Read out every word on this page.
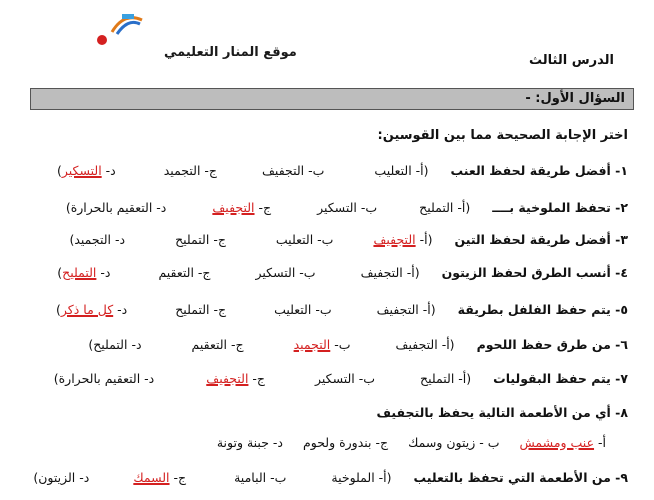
موقع المنار التعليمي
الدرس الثالث
السؤال الأول: -
اختر الإجابة الصحيحة مما بين القوسين:
١- أفضل طريقة لحفظ العنب(أ- التعليبب- التجفيفج- التجميدد- التسكير)
٢- تحفظ الملوخية بــــ(أ- التمليحب- التسكيرج- التجفيفد- التعقيم بالحرارة)
٣- أفضل طريقة لحفظ التين(أ- التجفيفب- التعليبج- التمليحد- التجميد)
٤- أنسب الطرق لحفظ الزيتون(أ- التجفيفب- التسكيرج- التعقيمد- التمليح)
٥- يتم حفظ الفلفل بطريقة(أ- التجفيفب- التعليبج- التمليحد- كل ما ذكر)
٦- من طرق حفظ اللحوم(أ- التجفيفب- التجميدج- التعقيمد- التمليح)
٧- يتم حفظ البقوليات(أ- التمليحب- التسكيرج- التجفيفد- التعقيم بالحرارة)
٨- أي من الأطعمة التالية يحفظ بالتجفيف
أ- عنب ومشمشب - زيتون وسمكج- بندورة ولحومد- جبنة وتونة
٩- من الأطعمة التي تحفظ بالتعليب(أ- الملوخيةب- الباميةج- السمكد- الزيتون)
